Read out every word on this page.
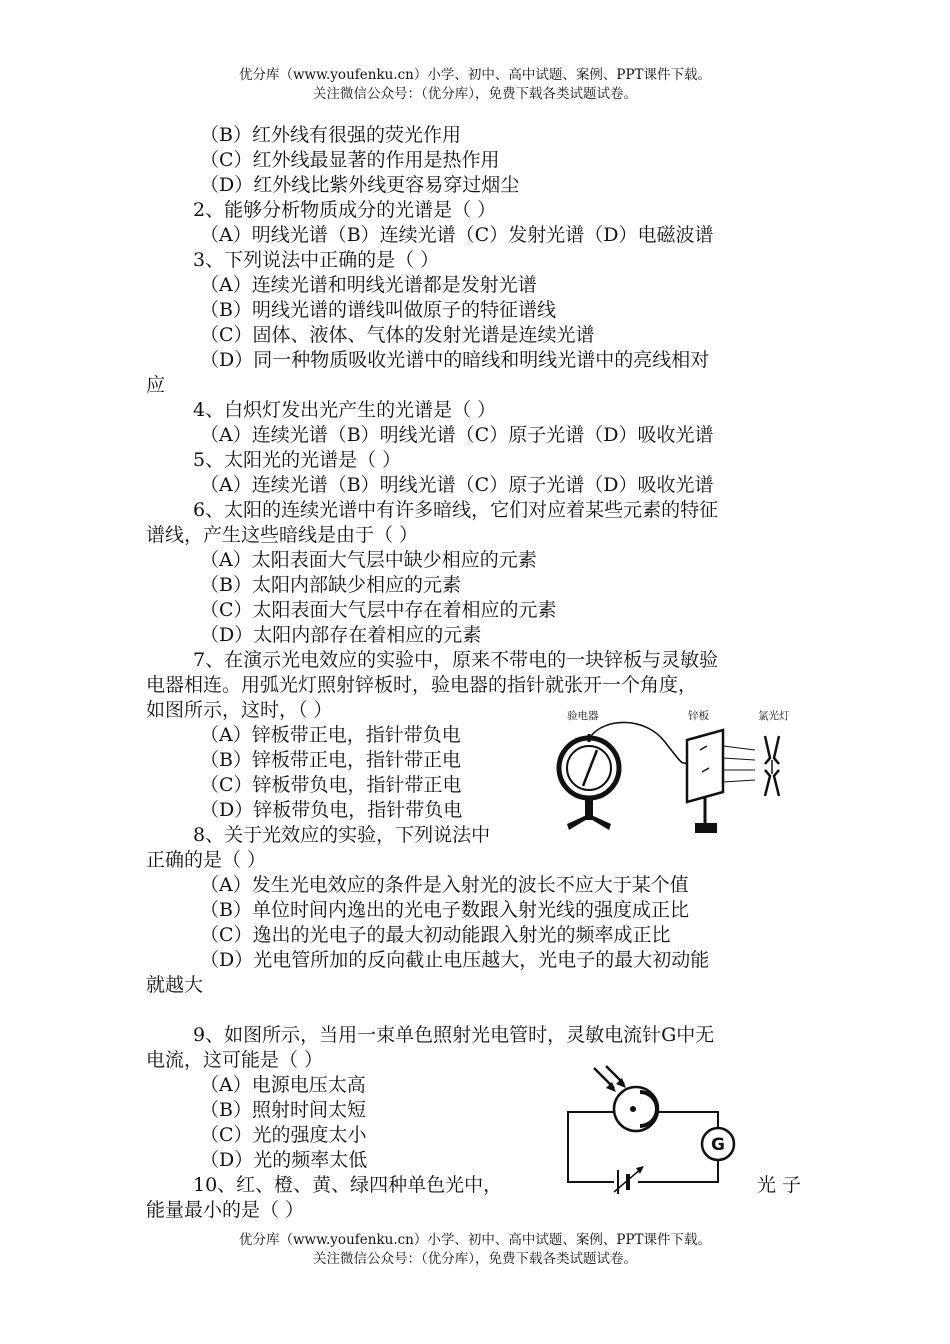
优分库（www.youfenku.cn）小学、初中、高中试题、案例、PPT课件下载。
关注微信公众号：（优分库），免费下载各类试题试卷。
（B）红外线有很强的荧光作用
（C）红外线最显著的作用是热作用
（D）红外线比紫外线更容易穿过烟尘
2、能够分析物质成分的光谱是（ ）
（A）明线光谱（B）连续光谱（C）发射光谱（D）电磁波谱
3、下列说法中正确的是（ ）
（A）连续光谱和明线光谱都是发射光谱
（B）明线光谱的谱线叫做原子的特征谱线
（C）固体、液体、气体的发射光谱是连续光谱
（D）同一种物质吸收光谱中的暗线和明线光谱中的亮线相对
应
4、白炽灯发出光产生的光谱是（ ）
（A）连续光谱（B）明线光谱（C）原子光谱（D）吸收光谱
5、太阳光的光谱是（ ）
（A）连续光谱（B）明线光谱（C）原子光谱（D）吸收光谱
6、太阳的连续光谱中有许多暗线，它们对应着某些元素的特征
谱线，产生这些暗线是由于（ ）
（A）太阳表面大气层中缺少相应的元素
（B）太阳内部缺少相应的元素
（C）太阳表面大气层中存在着相应的元素
（D）太阳内部存在着相应的元素
7、在演示光电效应的实验中，原来不带电的一块锌板与灵敏验
电器相连。用弧光灯照射锌板时，验电器的指针就张开一个角度，
如图所示，这时，（ ）
（A）锌板带正电，指针带负电
（B）锌板带正电，指针带正电
（C）锌板带负电，指针带正电
（D）锌板带负电，指针带负电
验电器	锌板	氯光灯
8、关于光效应的实验，下列说法中
正确的是（ ）
（A）发生光电效应的条件是入射光的波长不应大于某个值
（B）单位时间内逸出的光电子数跟入射光线的强度成正比
（C）逸出的光电子的最大初动能跟入射光的频率成正比
（D）光电管所加的反向截止电压越大，光电子的最大初动能
就越大
9、如图所示，当用一束单色照射光电管时，灵敏电流针G中无
电流，这可能是（ ）
（A）电源电压太高
（B）照射时间太短
（C）光的强度太小
（D）光的频率太低
G
10、红、橙、黄、绿四种单色光中，	光 子
能量最小的是（ ）
优分库（www.youfenku.cn）小学、初中、高中试题、案例、PPT课件下载。
关注微信公众号：（优分库），免费下载各类试题试卷。
